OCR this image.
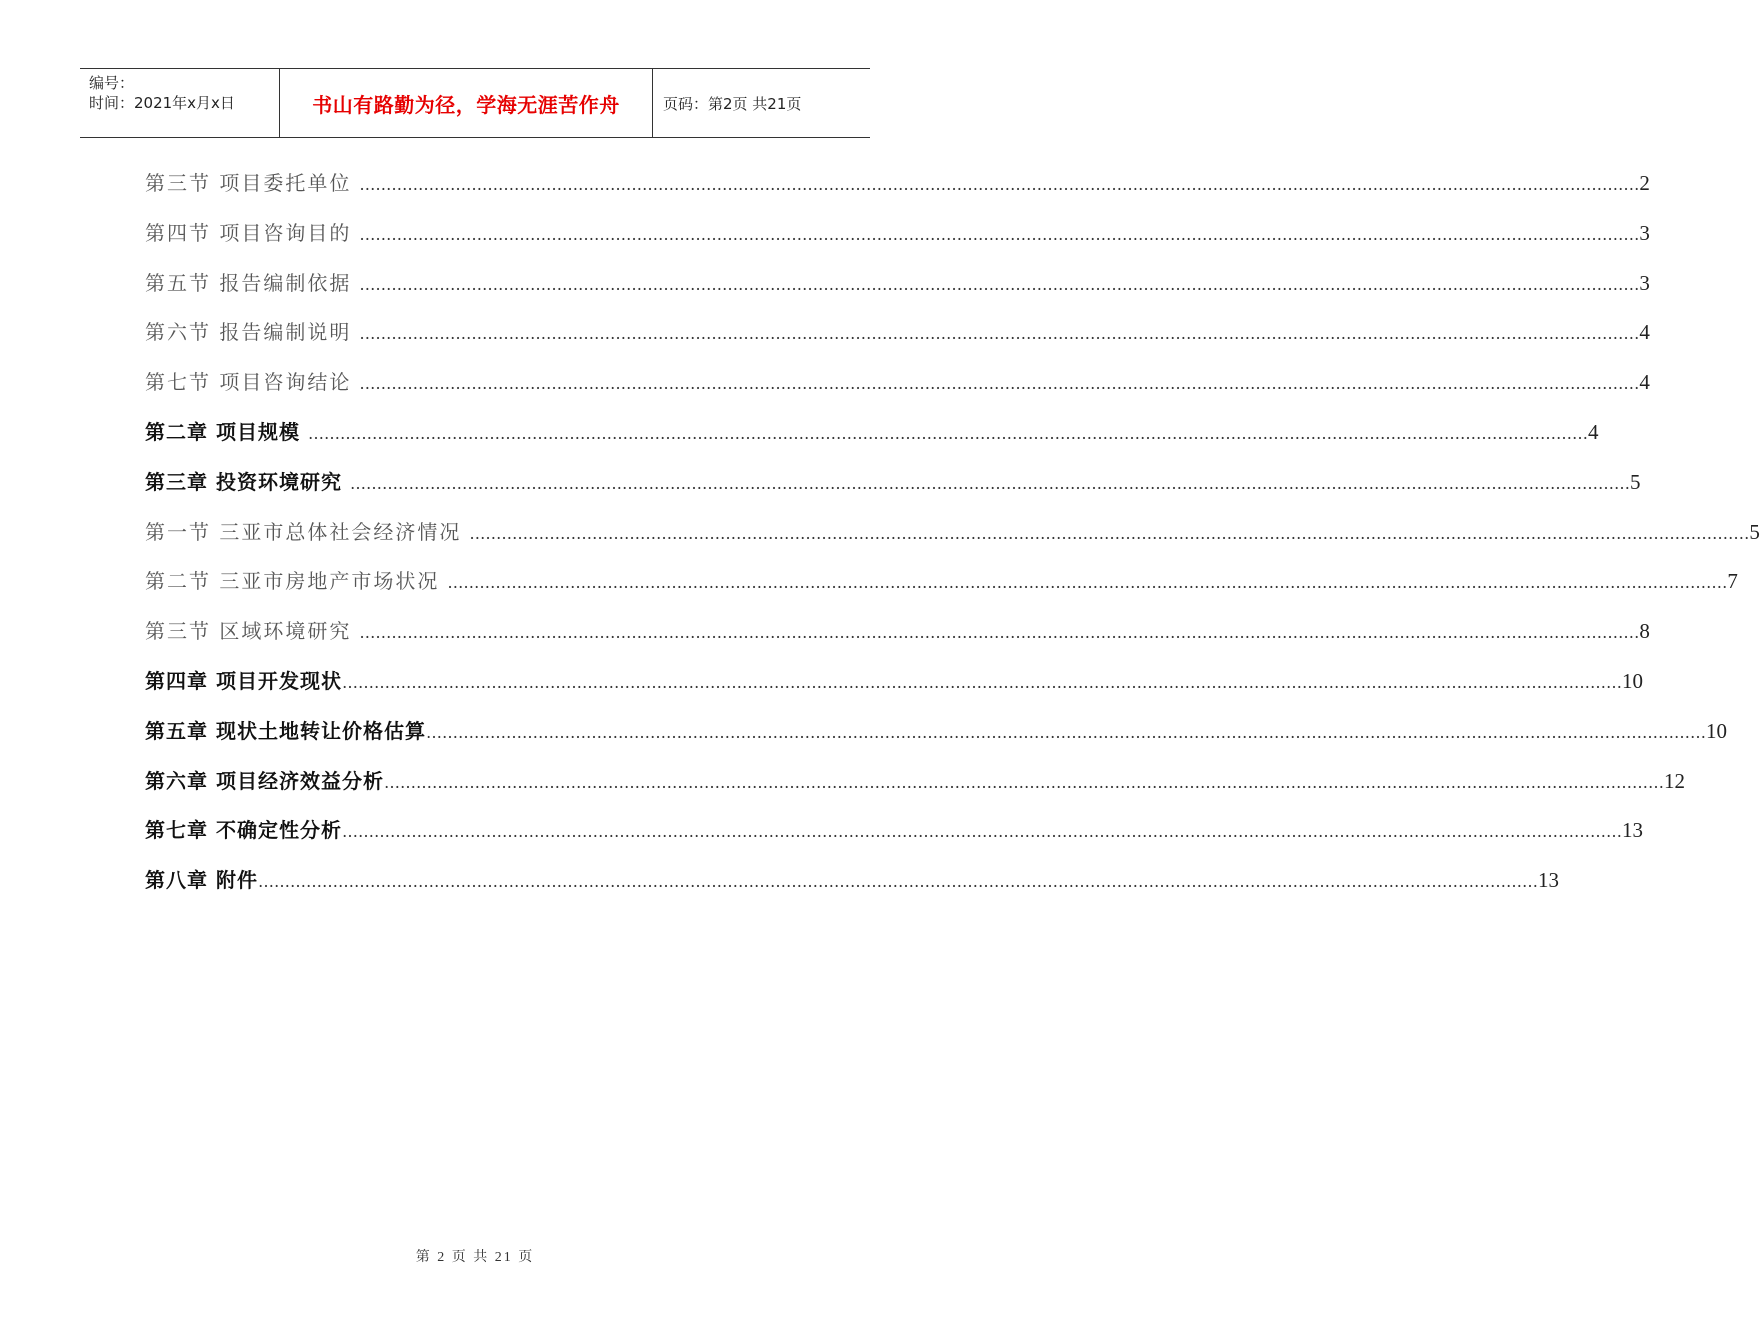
编号：
时间：2021年x月x日	书山有路勤为径，学海无涯苦作舟	页码：第2页 共21页
第三节 项目委托单位 …………………………………………………………………………………………………………………………………………………………………………………………………………………… 2
第四节 项目咨询目的 …………………………………………………………………………………………………………………………………………………………………………………………………………………… 3
第五节 报告编制依据 …………………………………………………………………………………………………………………………………………………………………………………………………………………… 3
第六节 报告编制说明 …………………………………………………………………………………………………………………………………………………………………………………………………………………… 4
第七节 项目咨询结论 …………………………………………………………………………………………………………………………………………………………………………………………………………………… 4
第二章 项目规模 …………………………………………………………………………………………………………………………………………………………………………………………………………………… 4
第三章 投资环境研究 …………………………………………………………………………………………………………………………………………………………………………………………………………………… 5
第一节 三亚市总体社会经济情况 …………………………………………………………………………………………………………………………………………………………………………………………………………………… 5
第二节 三亚市房地产市场状况 …………………………………………………………………………………………………………………………………………………………………………………………………………………… 7
第三节 区域环境研究 …………………………………………………………………………………………………………………………………………………………………………………………………………………… 8
第四章 项目开发现状 …………………………………………………………………………………………………………………………………………………………………………………………………………………… 10
第五章 现状土地转让价格估算 …………………………………………………………………………………………………………………………………………………………………………………………………………………… 10
第六章 项目经济效益分析 …………………………………………………………………………………………………………………………………………………………………………………………………………………… 12
第七章 不确定性分析 …………………………………………………………………………………………………………………………………………………………………………………………………………………… 13
第八章 附件 …………………………………………………………………………………………………………………………………………………………………………………………………………………… 13
第 2 页 共 21 页
